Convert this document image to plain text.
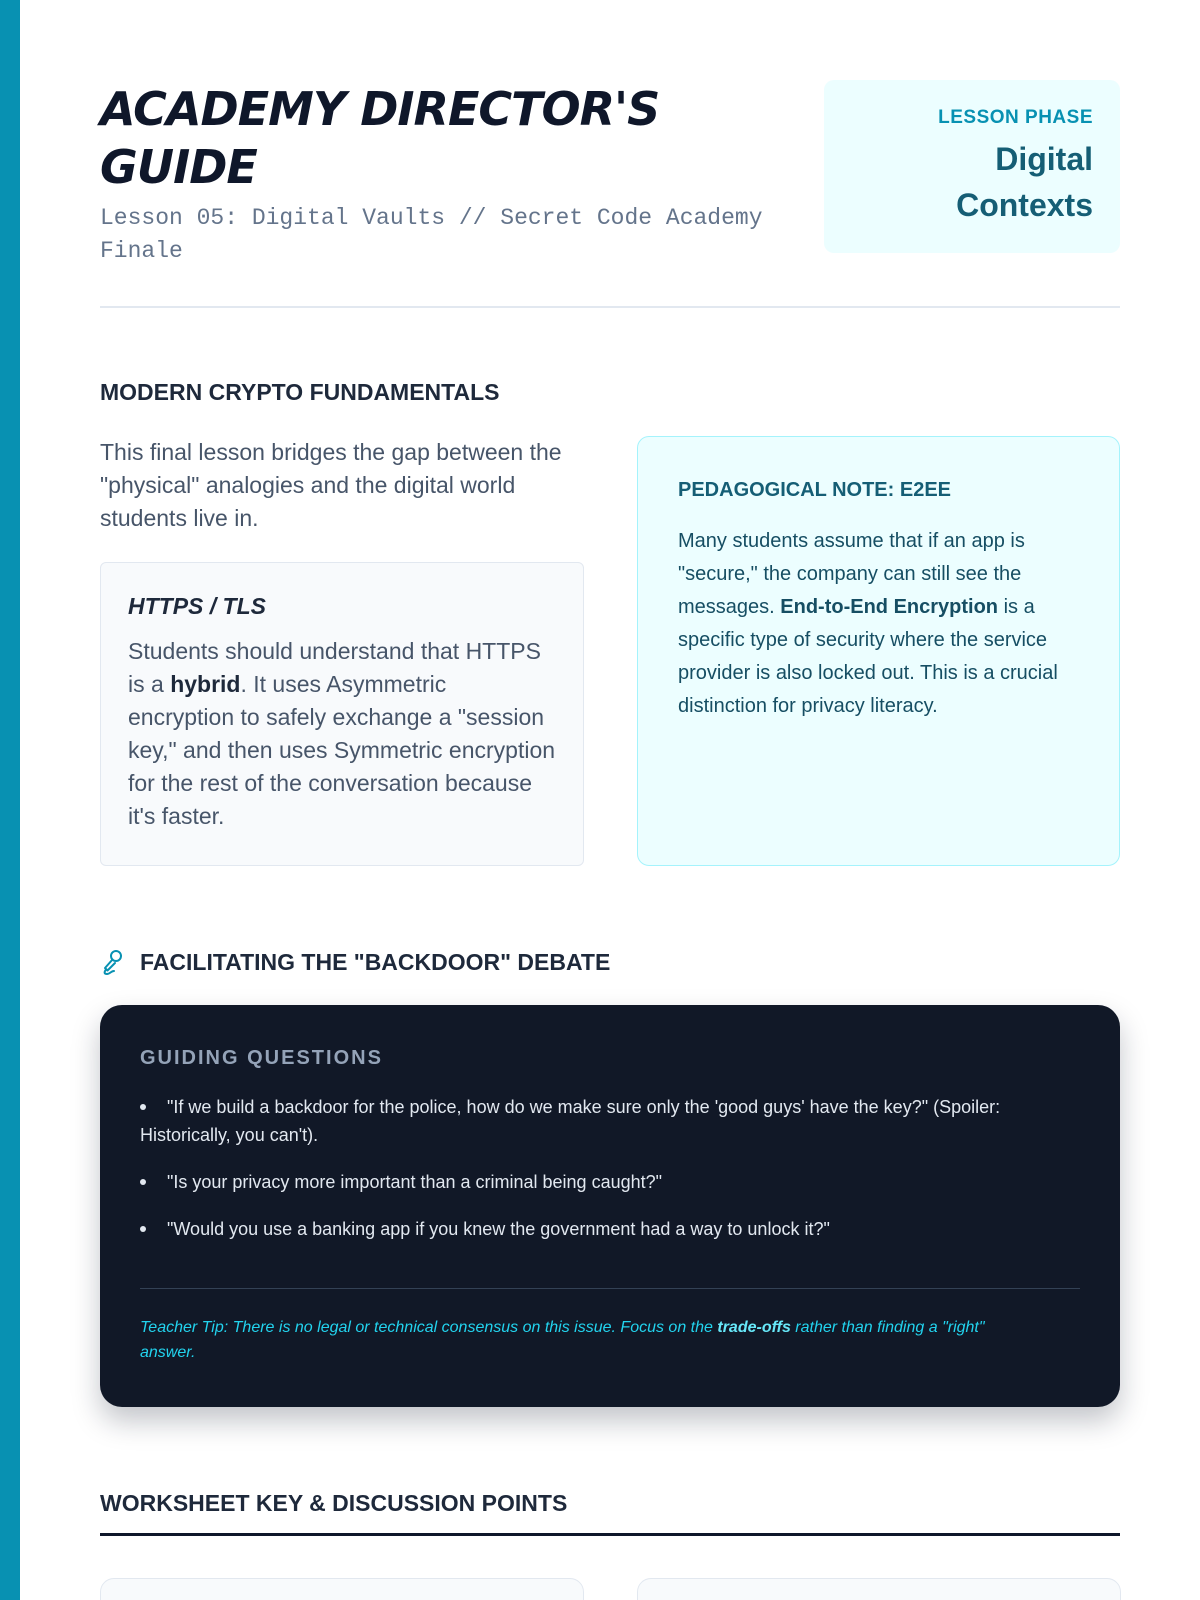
ACADEMY DIRECTOR'S
GUIDE
Lesson 05: Digital Vaults // Secret Code Academy Finale
LESSON PHASE
Digital
Contexts
MODERN CRYPTO FUNDAMENTALS

This final lesson bridges the gap between the "physical" analogies and the digital world students live in.

HTTPS / TLS

Students should understand that HTTPS is a hybrid. It uses Asymmetric encryption to safely exchange a "session key," and then uses Symmetric encryption for the rest of the conversation because it's faster.

PEDAGOGICAL NOTE: E2EE

Many students assume that if an app is "secure," the company can still see the messages. End-to-End Encryption is a specific type of security where the service provider is also locked out. This is a crucial distinction for privacy literacy.

FACILITATING THE "BACKDOOR" DEBATE
GUIDING QUESTIONS
"If we build a backdoor for the police, how do we make sure only the 'good guys' have the key?" (Spoiler: Historically, you can't).
"Is your privacy more important than a criminal being caught?"
"Would you use a banking app if you knew the government had a way to unlock it?"

Teacher Tip: There is no legal or technical consensus on this issue. Focus on the trade-offs rather than finding a "right" answer.

WORKSHEET KEY & DISCUSSION POINTS
